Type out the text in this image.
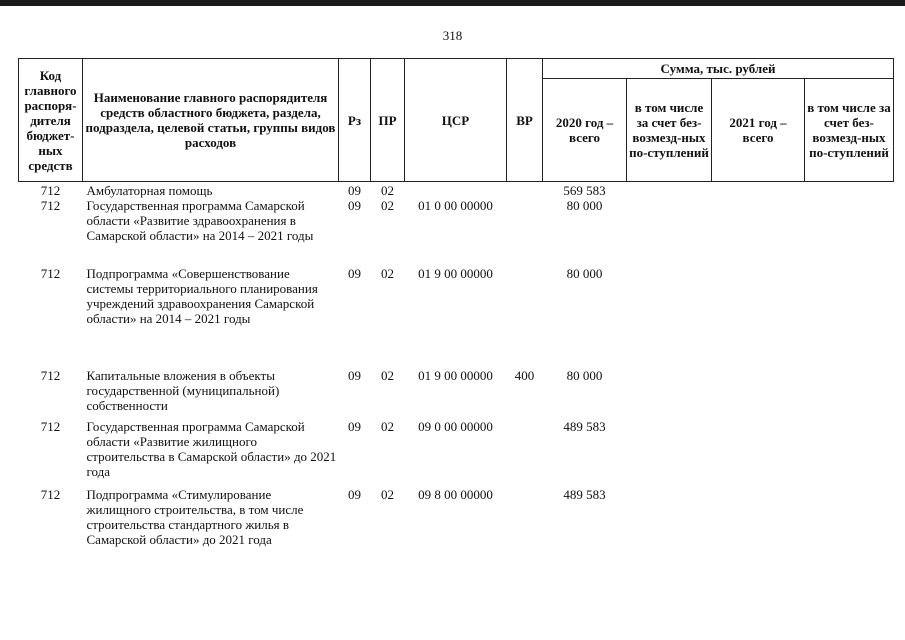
318
Код главного распоря-дителя бюджет-ных средств	Наименование главного распорядителя средств областного бюджета, раздела, подраздела, целевой статьи, группы видов расходов	Рз	ПР	ЦСР	ВР	Сумма, тыс. рублей			
						2020 год – всего	в том числе за счет без-возмезд-ных по-ступлений	2021 год – всего	в том числе за счет без-возмезд-ных по-ступлений
712	Амбулаторная помощь	09	02			569 583			
712	Государственная программа Самарской области «Развитие здравоохранения в Самарской области» на 2014 – 2021 годы	09	02	01 0 00 00000		80 000			
712	Подпрограмма «Совершенствование системы территориального планирования учреждений здравоохранения Самарской области» на 2014 – 2021 годы	09	02	01 9 00 00000		80 000			
712	Капитальные вложения в объекты государственной (муниципальной) собственности	09	02	01 9 00 00000	400	80 000			
712	Государственная программа Самарской области «Развитие жилищного строительства в Самарской области» до 2021 года	09	02	09 0 00 00000		489 583			
712	Подпрограмма «Стимулирование жилищного строительства, в том числе строительства стандартного жилья в Самарской области» до 2021 года	09	02	09 8 00 00000		489 583			
